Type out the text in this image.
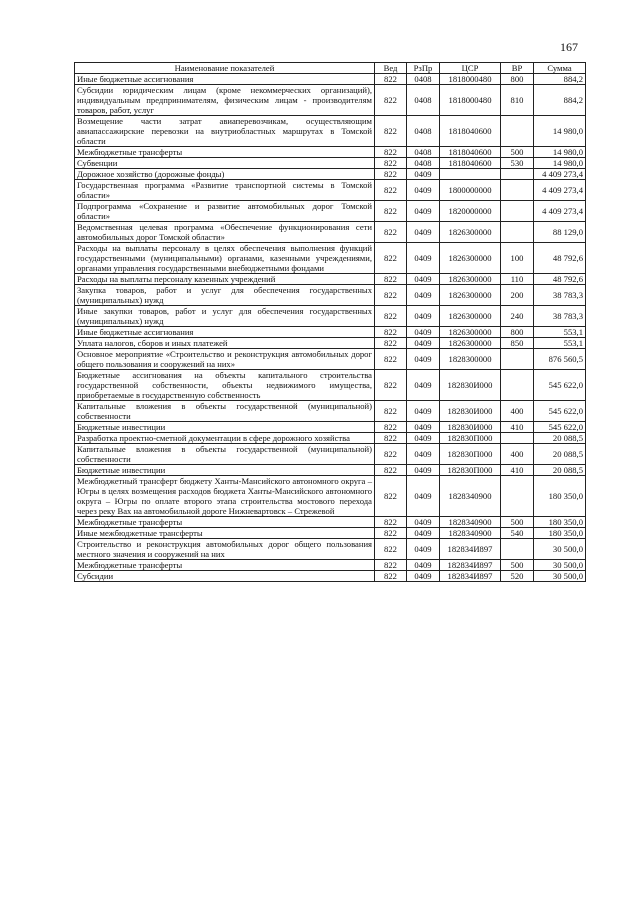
167
Наименование показателей	Вед	РзПр	ЦСР	ВР	Сумма
Иные бюджетные ассигнования	822	0408	1818000480	800	884,2
Субсидии юридическим лицам (кроме некоммерческих организаций), индивидуальным предпринимателям, физическим лицам - производителям товаров, работ, услуг	822	0408	1818000480	810	884,2
Возмещение части затрат авиаперевозчикам, осуществляющим авиапассажирские перевозки на внутриобластных маршрутах в Томской области	822	0408	1818040600		14 980,0
Межбюджетные трансферты	822	0408	1818040600	500	14 980,0
Субвенции	822	0408	1818040600	530	14 980,0
Дорожное хозяйство (дорожные фонды)	822	0409			4 409 273,4
Государственная программа «Развитие транспортной системы в Томской области»	822	0409	1800000000		4 409 273,4
Подпрограмма «Сохранение и развитие автомобильных дорог Томской области»	822	0409	1820000000		4 409 273,4
Ведомственная целевая программа «Обеспечение функционирования сети автомобильных дорог Томской области»	822	0409	1826300000		88 129,0
Расходы на выплаты персоналу в целях обеспечения выполнения функций государственными (муниципальными) органами, казенными учреждениями, органами управления государственными внебюджетными фондами	822	0409	1826300000	100	48 792,6
Расходы на выплаты персоналу казенных учреждений	822	0409	1826300000	110	48 792,6
Закупка товаров, работ и услуг для обеспечения государственных (муниципальных) нужд	822	0409	1826300000	200	38 783,3
Иные закупки товаров, работ и услуг для обеспечения государственных (муниципальных) нужд	822	0409	1826300000	240	38 783,3
Иные бюджетные ассигнования	822	0409	1826300000	800	553,1
Уплата налогов, сборов и иных платежей	822	0409	1826300000	850	553,1
Основное мероприятие «Строительство и реконструкция автомобильных дорог общего пользования и сооружений на них»	822	0409	1828300000		876 560,5
Бюджетные ассигнования на объекты капитального строительства государственной собственности, объекты недвижимого имущества, приобретаемые в государственную собственность	822	0409	182830И000		545 622,0
Капитальные вложения в объекты государственной (муниципальной) собственности	822	0409	182830И000	400	545 622,0
Бюджетные инвестиции	822	0409	182830И000	410	545 622,0
Разработка проектно-сметной документации в сфере дорожного хозяйства	822	0409	182830П000		20 088,5
Капитальные вложения в объекты государственной (муниципальной) собственности	822	0409	182830П000	400	20 088,5
Бюджетные инвестиции	822	0409	182830П000	410	20 088,5
Межбюджетный трансферт бюджету Ханты-Мансийского автономного округа – Югры в целях возмещения расходов бюджета Ханты-Мансийского автономного округа – Югры по оплате второго этапа строительства мостового перехода через реку Вах на автомобильной дороге Нижневартовск – Стрежевой	822	0409	1828340900		180 350,0
Межбюджетные трансферты	822	0409	1828340900	500	180 350,0
Иные межбюджетные трансферты	822	0409	1828340900	540	180 350,0
Строительство и реконструкция автомобильных дорог общего пользования местного значения и сооружений на них	822	0409	182834И897		30 500,0
Межбюджетные трансферты	822	0409	182834И897	500	30 500,0
Субсидии	822	0409	182834И897	520	30 500,0
